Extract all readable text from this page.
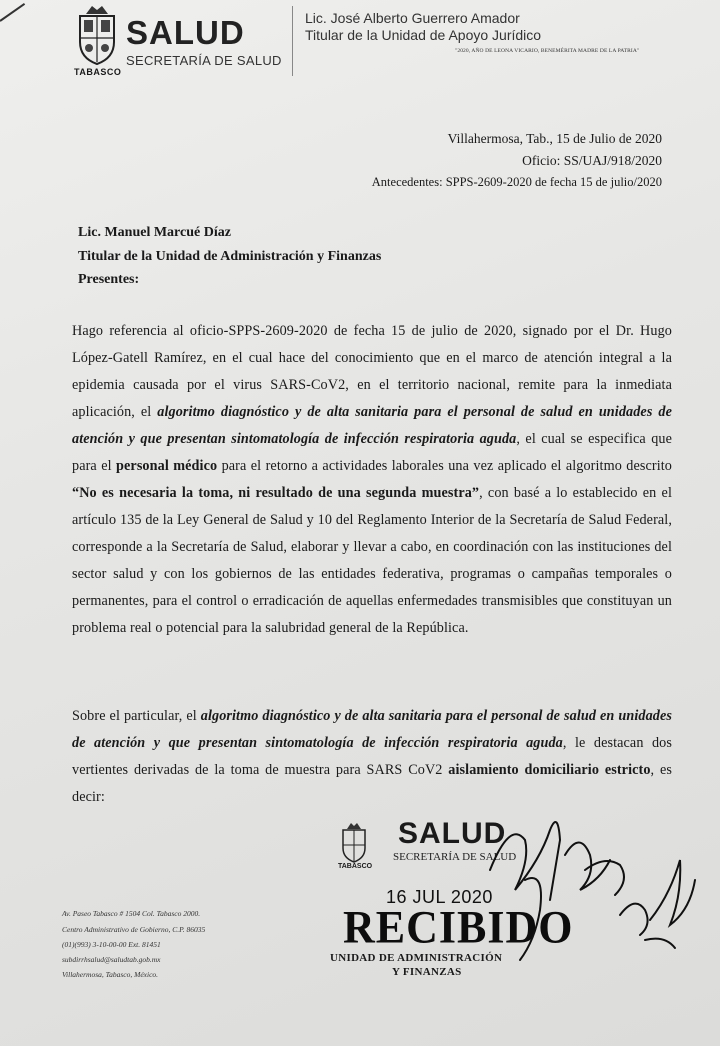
TABASCO
SALUD
SECRETARÍA DE SALUD
Lic. José Alberto Guerrero Amador
Titular de la Unidad de Apoyo Jurídico
"2020, AÑO DE LEONA VICARIO, BENEMÉRITA MADRE DE LA PATRIA"
Villahermosa, Tab., 15 de Julio de 2020
Oficio: SS/UAJ/918/2020
Antecedentes: SPPS-2609-2020 de fecha 15 de julio/2020
Lic. Manuel Marcué Díaz
Titular de la Unidad de Administración y Finanzas
Presentes:
Hago referencia al oficio-SPPS-2609-2020 de fecha 15 de julio de 2020, signado por el Dr. Hugo López-Gatell Ramírez, en el cual hace del conocimiento que en el marco de atención integral a la epidemia causada por el virus SARS-CoV2, en el territorio nacional, remite para la inmediata aplicación, el algoritmo diagnóstico y de alta sanitaria para el personal de salud en unidades de atención y que presentan sintomatología de infección respiratoria aguda, el cual se especifica que para el personal médico para el retorno a actividades laborales una vez aplicado el algoritmo descrito “No es necesaria la toma, ni resultado de una segunda muestra”, con basé a lo establecido en el artículo 135 de la Ley General de Salud y 10 del Reglamento Interior de la Secretaría de Salud Federal, corresponde a la Secretaría de Salud, elaborar y llevar a cabo, en coordinación con las instituciones del sector salud y con los gobiernos de las entidades federativa, programas o campañas temporales o permanentes, para el control o erradicación de aquellas enfermedades transmisibles que constituyan un problema real o potencial para la salubridad general de la República.
Sobre el particular, el algoritmo diagnóstico y de alta sanitaria para el personal de salud en unidades de atención y que presentan sintomatología de infección respiratoria aguda, le destacan dos vertientes derivadas de la toma de muestra para SARS CoV2 aislamiento domiciliario estricto, es decir:
Av. Paseo Tabasco # 1504 Col. Tabasco 2000.
Centro Administrativo de Gobierno, C.P. 86035
(01)(993) 3-10-00-00 Ext. 81451
subdirrhsalud@saludtab.gob.mx
Villahermosa, Tabasco, México.
TABASCO
SALUD
SECRETARÍA DE SALUD
16 JUL 2020
RECIBIDO
UNIDAD DE ADMINISTRACIÓN
Y FINANZAS
